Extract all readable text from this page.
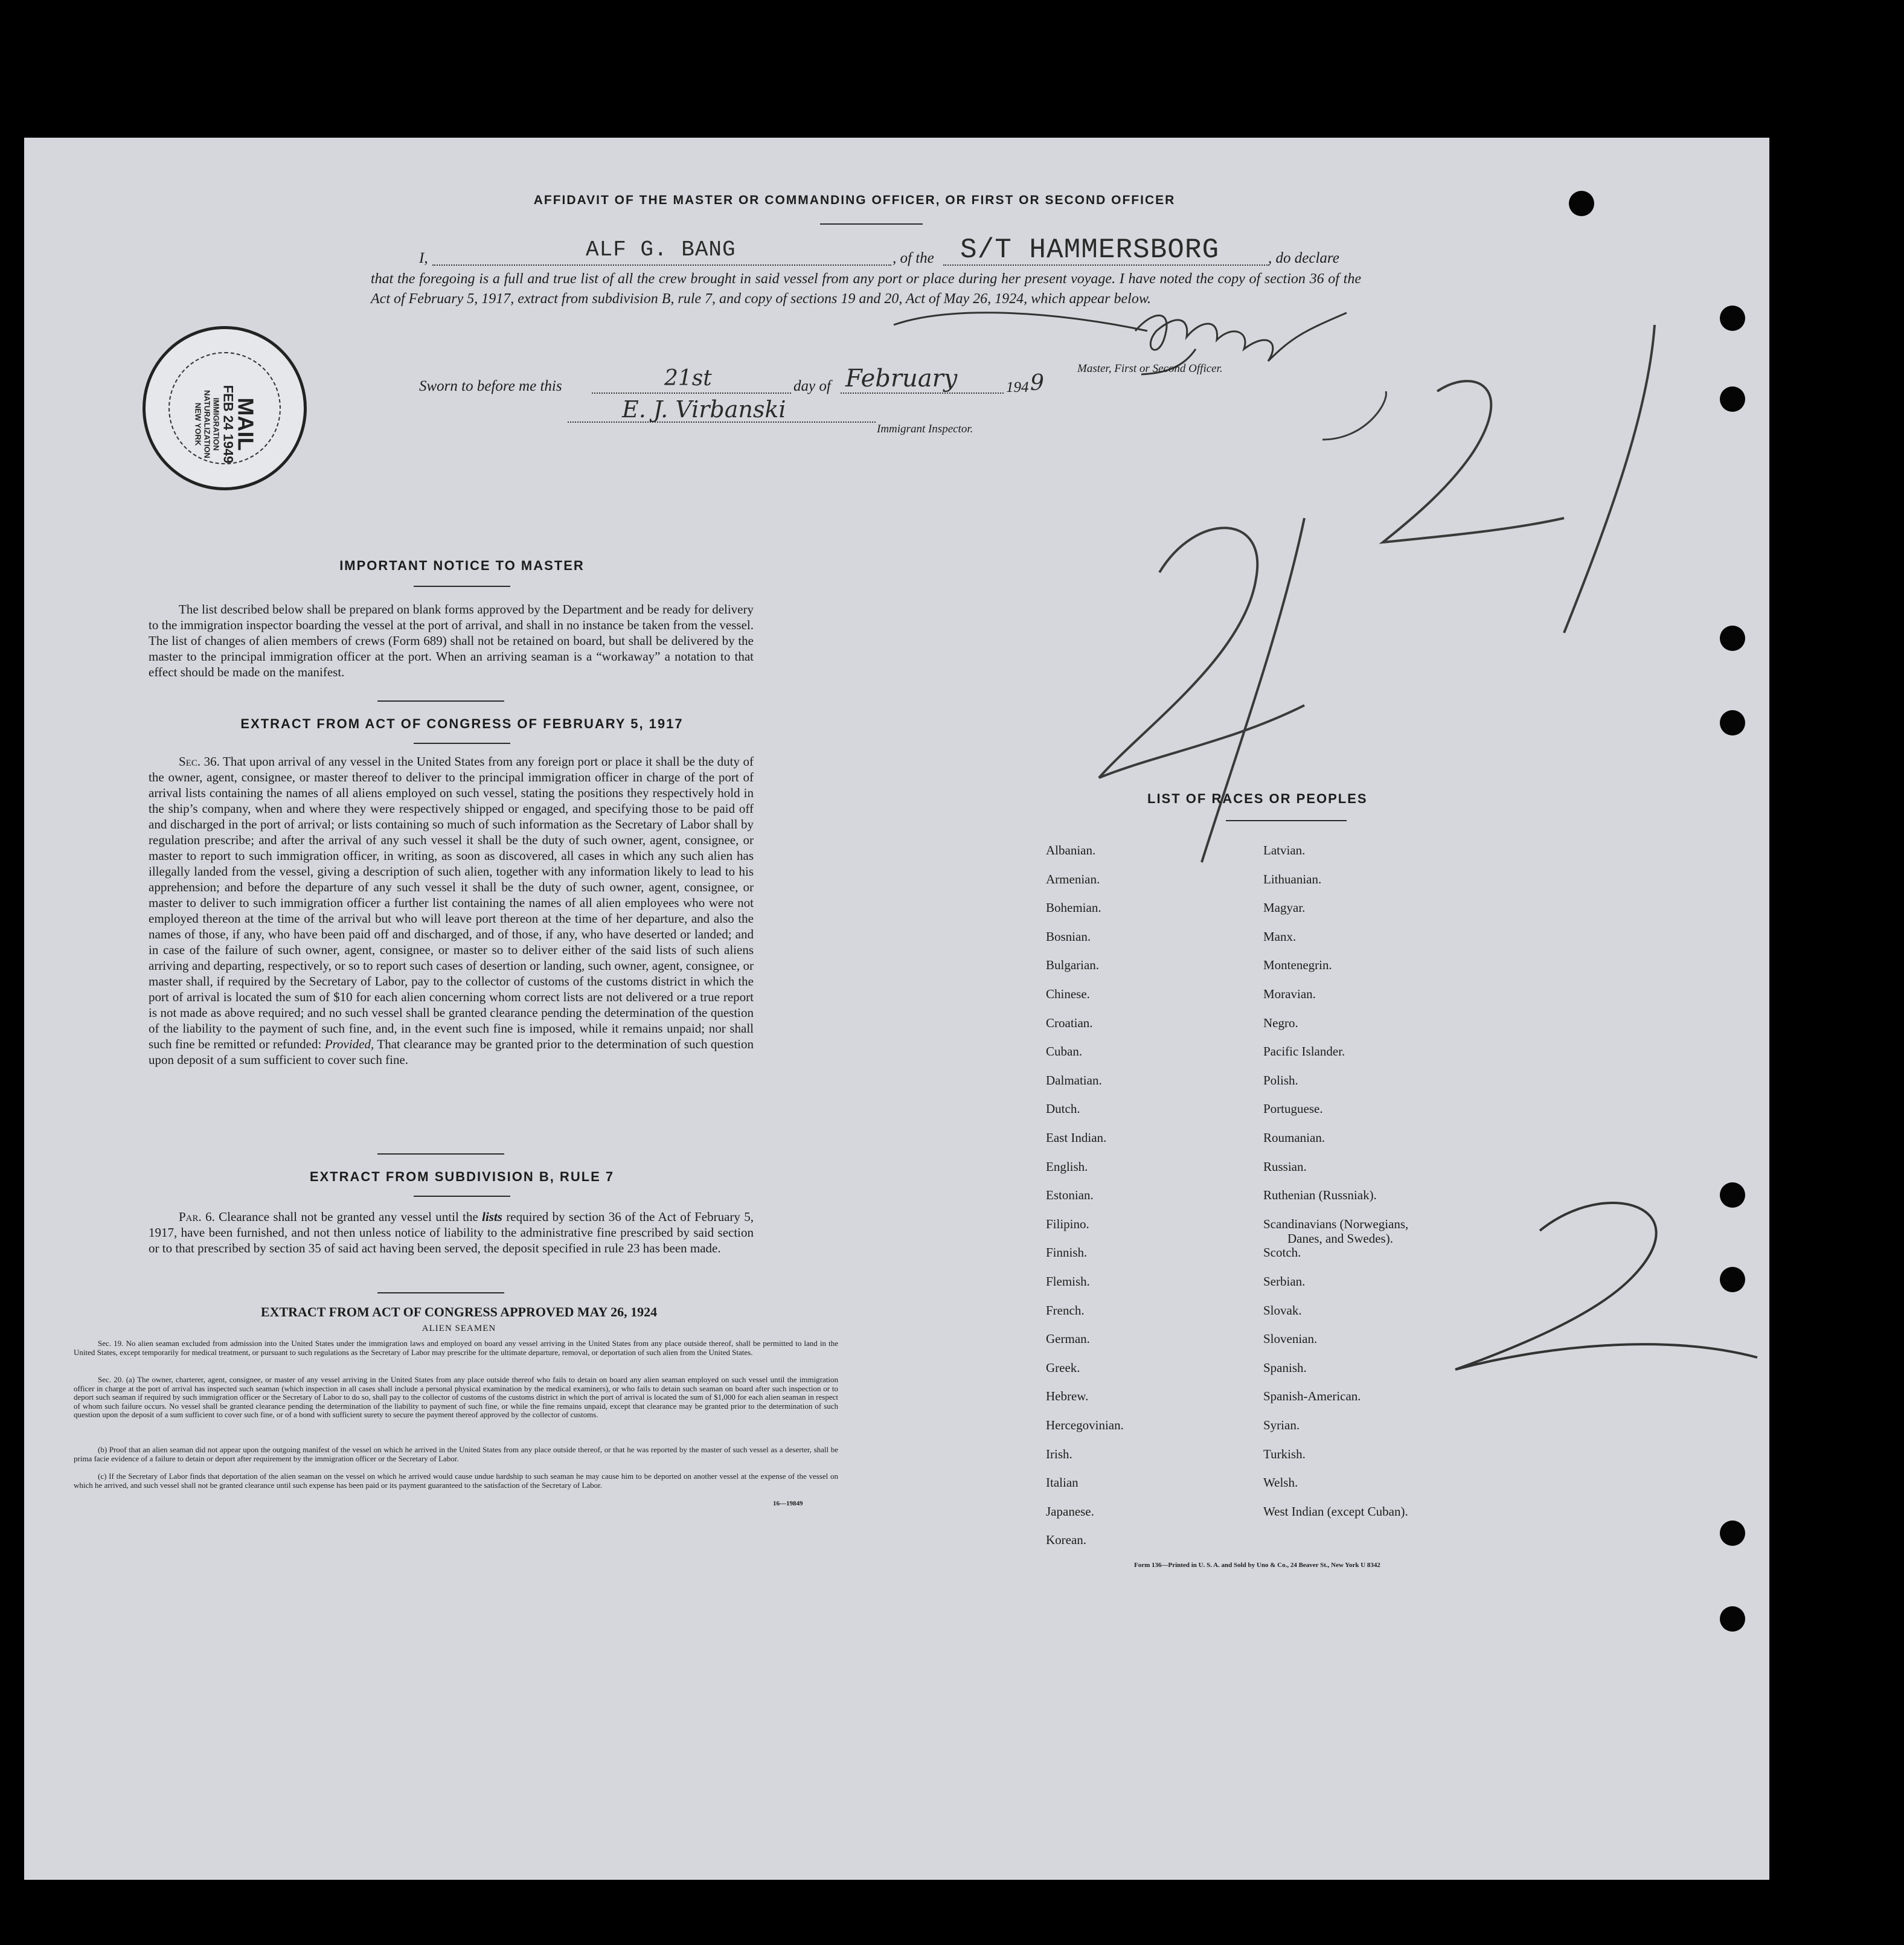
AFFIDAVIT OF THE MASTER OR COMMANDING OFFICER, OR FIRST OR SECOND OFFICER
I,	ALF G. BANG	, of the S/T HAMMERSBORG	, do declare
that the foregoing is a full and true list of all the crew brought in said vessel from any port or place during her present voyage. I have noted the copy of section 36 of the Act of February 5, 1917, extract from subdivision B, rule 7, and copy of sections 19 and 20, Act of May 26, 1924, which appear below.
Master, First or Second Officer.
Sworn to before me this	21st	day of February	194 9
E. J. Virbanski
Immigrant Inspector.
MAIL
FEB 24 1949
IMMIGRATION
NATURALIZATION
NEW YORK
IMPORTANT NOTICE TO MASTER
The list described below shall be prepared on blank forms approved by the Department and be ready for delivery to the immigration inspector boarding the vessel at the port of arrival, and shall in no instance be taken from the vessel. The list of changes of alien members of crews (Form 689) shall not be retained on board, but shall be delivered by the master to the principal immigration officer at the port. When an arriving seaman is a “workaway” a notation to that effect should be made on the manifest.
EXTRACT FROM ACT OF CONGRESS OF FEBRUARY 5, 1917
Sec. 36. That upon arrival of any vessel in the United States from any foreign port or place it shall be the duty of the owner, agent, consignee, or master thereof to deliver to the principal immigration officer in charge of the port of arrival lists containing the names of all aliens employed on such vessel, stating the positions they respectively hold in the ship’s company, when and where they were respectively shipped or engaged, and specifying those to be paid off and discharged in the port of arrival; or lists containing so much of such information as the Secretary of Labor shall by regulation prescribe; and after the arrival of any such vessel it shall be the duty of such owner, agent, consignee, or master to report to such immigration officer, in writing, as soon as discovered, all cases in which any such alien has illegally landed from the vessel, giving a description of such alien, together with any information likely to lead to his apprehension; and before the departure of any such vessel it shall be the duty of such owner, agent, consignee, or master to deliver to such immigration officer a further list containing the names of all alien employees who were not employed thereon at the time of the arrival but who will leave port thereon at the time of her departure, and also the names of those, if any, who have been paid off and discharged, and of those, if any, who have deserted or landed; and in case of the failure of such owner, agent, consignee, or master so to deliver either of the said lists of such aliens arriving and departing, respectively, or so to report such cases of desertion or landing, such owner, agent, consignee, or master shall, if required by the Secretary of Labor, pay to the collector of customs of the customs district in which the port of arrival is located the sum of $10 for each alien concerning whom correct lists are not delivered or a true report is not made as above required; and no such vessel shall be granted clearance pending the determination of the question of the liability to the payment of such fine, and, in the event such fine is imposed, while it remains unpaid; nor shall such fine be remitted or refunded: Provided, That clearance may be granted prior to the determination of such question upon deposit of a sum sufficient to cover such fine.
EXTRACT FROM SUBDIVISION B, RULE 7
Par. 6. Clearance shall not be granted any vessel until the lists required by section 36 of the Act of February 5, 1917, have been furnished, and not then unless notice of liability to the administrative fine prescribed by said section or to that prescribed by section 35 of said act having been served, the deposit specified in rule 23 has been made.
EXTRACT FROM ACT OF CONGRESS APPROVED MAY 26, 1924
ALIEN SEAMEN
Sec. 19. No alien seaman excluded from admission into the United States under the immigration laws and employed on board any vessel arriving in the United States from any place outside thereof, shall be permitted to land in the United States, except temporarily for medical treatment, or pursuant to such regulations as the Secretary of Labor may prescribe for the ultimate departure, removal, or deportation of such alien from the United States.
Sec. 20. (a) The owner, charterer, agent, consignee, or master of any vessel arriving in the United States from any place outside thereof who fails to detain on board any alien seaman employed on such vessel until the immigration officer in charge at the port of arrival has inspected such seaman (which inspection in all cases shall include a personal physical examination by the medical examiners), or who fails to detain such seaman on board after such inspection or to deport such seaman if required by such immigration officer or the Secretary of Labor to do so, shall pay to the collector of customs of the customs district in which the port of arrival is located the sum of $1,000 for each alien seaman in respect of whom such failure occurs. No vessel shall be granted clearance pending the determination of the liability to payment of such fine, or while the fine remains unpaid, except that clearance may be granted prior to the determination of such question upon the deposit of a sum sufficient to cover such fine, or of a bond with sufficient surety to secure the payment thereof approved by the collector of customs.
(b) Proof that an alien seaman did not appear upon the outgoing manifest of the vessel on which he arrived in the United States from any place outside thereof, or that he was reported by the master of such vessel as a deserter, shall be prima facie evidence of a failure to detain or deport after requirement by the immigration officer or the Secretary of Labor.
(c) If the Secretary of Labor finds that deportation of the alien seaman on the vessel on which he arrived would cause undue hardship to such seaman he may cause him to be deported on another vessel at the expense of the vessel on which he arrived, and such vessel shall not be granted clearance until such expense has been paid or its payment guaranteed to the satisfaction of the Secretary of Labor.
16—19849
LIST OF RACES OR PEOPLES
Form 136—Printed in U. S. A. and Sold by Uno & Co., 24 Beaver St., New York U 8342
Albanian.
Armenian.
Bohemian.
Bosnian.
Bulgarian.
Chinese.
Croatian.
Cuban.
Dalmatian.
Dutch.
East Indian.
English.
Estonian.
Filipino.
Finnish.
Flemish.
French.
German.
Greek.
Hebrew.
Hercegovinian.
Irish.
Italian
Japanese.
Korean.
Latvian.
Lithuanian.
Magyar.
Manx.
Montenegrin.
Moravian.
Negro.
Pacific Islander.
Polish.
Portuguese.
Roumanian.
Russian.
Ruthenian (Russniak).
Scandinavians (Norwegians,
Danes, and Swedes).
Scotch.
Serbian.
Slovak.
Slovenian.
Spanish.
Spanish-American.
Syrian.
Turkish.
Welsh.
West Indian (except Cuban).
